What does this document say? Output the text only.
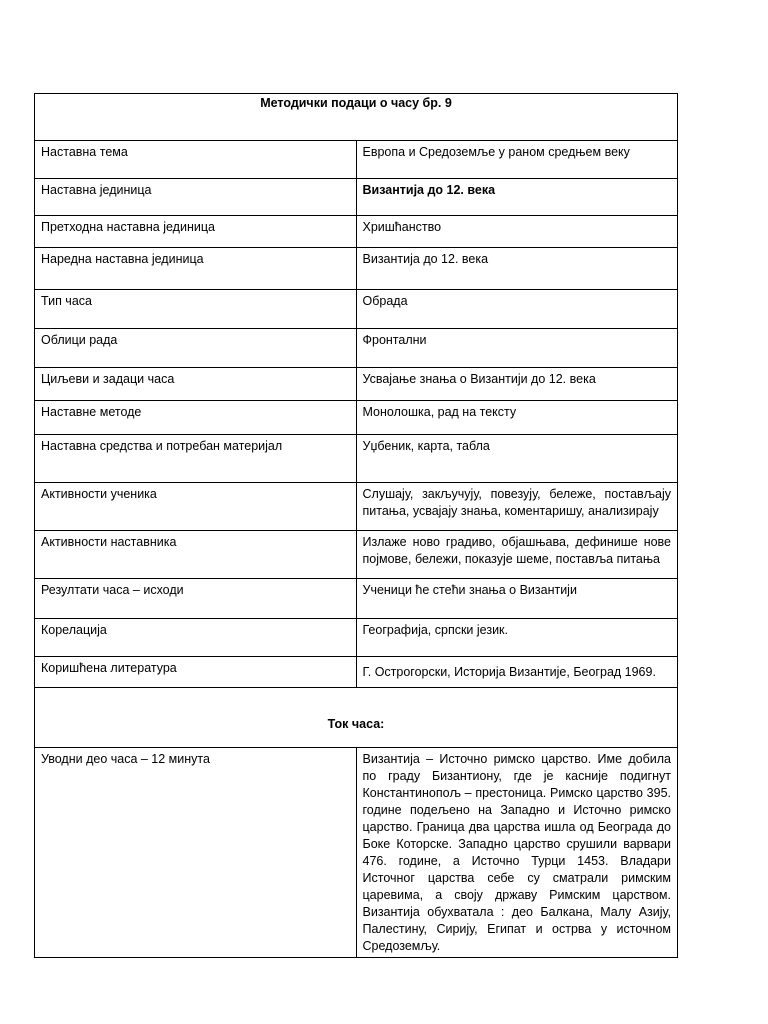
Методички подаци о часу бр. 9	
Наставна тема	Европа и Средоземље у раном средњем веку
Наставна јединица	Византија до 12. века
Претходна наставна јединица	Хришћанство
Наредна наставна јединица	Византија до 12. века
Тип часа	Обрада
Облици рада	Фронтални
Циљеви и задаци часа	Усвајање знања о Византији до 12. века
Наставне методе	Монолошка, рад на тексту
Наставна средства и потребан материјал	Уџбеник, карта, табла
Активности ученика	Слушају, закључују, повезују, бележе, постављају питања, усвајају знања, коментаришу, анализирају
Активности наставника	Излаже ново градиво, објашњава, дефинише нове појмове, бележи, показује шеме, поставља питања
Резултати часа – исходи	Ученици ће стећи знања о Византији
Корелација	Географија, српски језик.
Коришћена литература	Г. Острогорски, Историја Византије, Београд 1969.
Ток часа:	
Уводни део часа – 12 минута	Византија – Источно римско царство. Име добила по граду Бизантиону, где је касније подигнут Константинопољ – престоница. Римско царство 395. године подељено на Западно и Источно римско царство. Граница два царства ишла од Београда до Боке Которске. Западно царство срушили варвари 476. године, а Источно Турци 1453. Владари Источног царства себе су сматрали римским царевима, а своју државу Римским царством. Византија обухватала : део Балкана, Малу Азију, Палестину, Сирију, Египат и острва у источном Средоземљу.
